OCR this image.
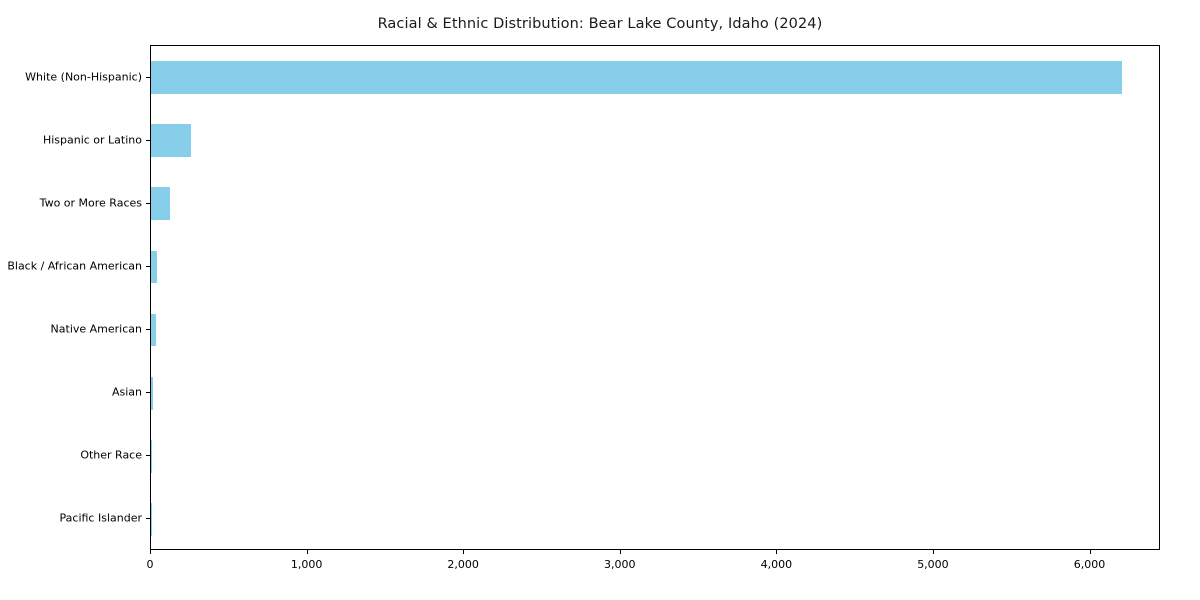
Racial & Ethnic Distribution: Bear Lake County, Idaho (2024)
White (Non-Hispanic)
Hispanic or Latino
Two or More Races
Black / African American
Native American
Asian
Other Race
Pacific Islander
0	1,000	2,000	3,000	4,000	5,000	6,000
